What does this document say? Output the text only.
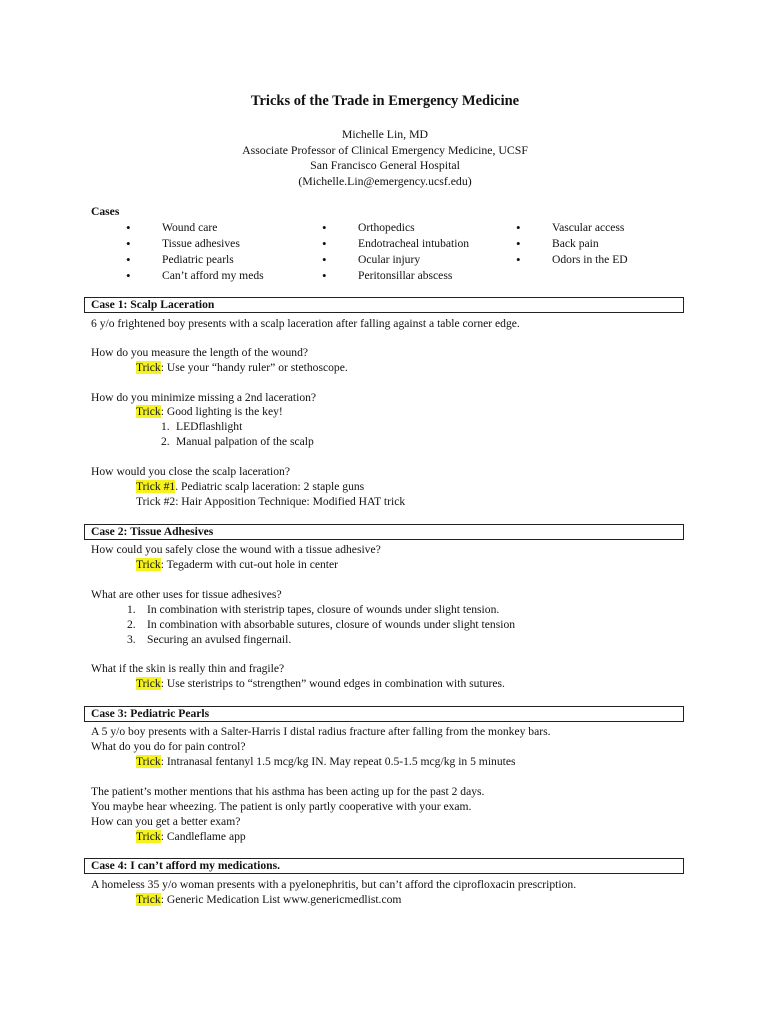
Tricks of the Trade in Emergency Medicine
Michelle Lin, MD
Associate Professor of Clinical Emergency Medicine, UCSF
San Francisco General Hospital
(Michelle.Lin@emergency.ucsf.edu)
Cases
• Wound care
• Tissue adhesives
• Pediatric pearls
• Can’t afford my meds
• Orthopedics
• Endotracheal intubation
• Ocular injury
• Peritonsillar abscess
• Vascular access
• Back pain
• Odors in the ED
Case 1: Scalp Laceration
6 y/o frightened boy presents with a scalp laceration after falling against a table corner edge.
How do you measure the length of the wound?
Trick: Use your “handy ruler” or stethoscope.
How do you minimize missing a 2nd laceration?
Trick: Good lighting is the key!
1. LEDflashlight
2. Manual palpation of the scalp
How would you close the scalp laceration?
Trick #1. Pediatric scalp laceration: 2 staple guns
Trick #2: Hair Apposition Technique: Modified HAT trick
Case 2: Tissue Adhesives
How could you safely close the wound with a tissue adhesive?
Trick: Tegaderm with cut-out hole in center
What are other uses for tissue adhesives?
1. In combination with steristrip tapes, closure of wounds under slight tension.
2. In combination with absorbable sutures, closure of wounds under slight tension
3. Securing an avulsed fingernail.
What if the skin is really thin and fragile?
Trick: Use steristrips to “strengthen” wound edges in combination with sutures.
Case 3: Pediatric Pearls
A 5 y/o boy presents with a Salter-Harris I distal radius fracture after falling from the monkey bars.
What do you do for pain control?
Trick: Intranasal fentanyl 1.5 mcg/kg IN. May repeat 0.5-1.5 mcg/kg in 5 minutes
The patient’s mother mentions that his asthma has been acting up for the past 2 days.
You maybe hear wheezing. The patient is only partly cooperative with your exam.
How can you get a better exam?
Trick: Candleflame app
Case 4: I can’t afford my medications.
A homeless 35 y/o woman presents with a pyelonephritis, but can’t afford the ciprofloxacin prescription.
Trick: Generic Medication List www.genericmedlist.com
